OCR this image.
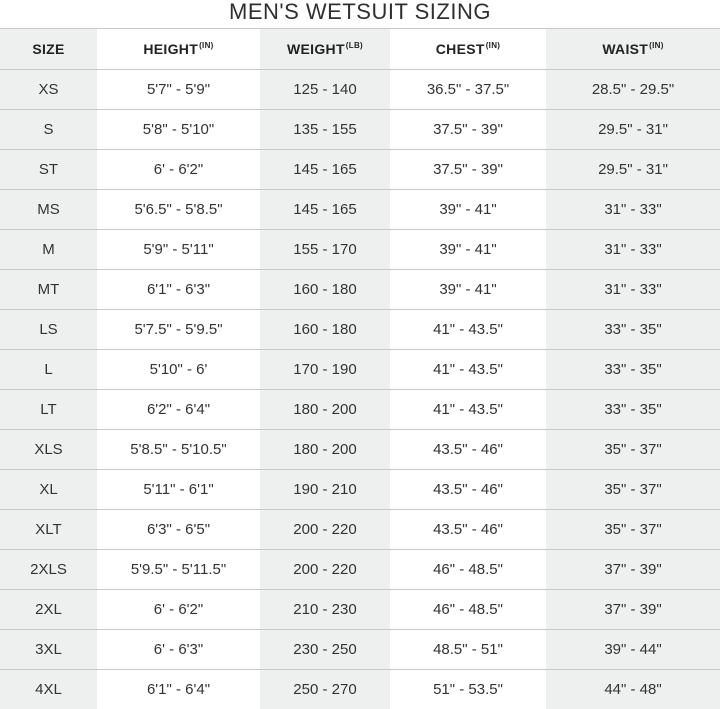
MEN'S WETSUIT SIZING
SIZE	$HEIGHT^{(IN)}$	$WEIGHT^{(LB)}$	$CHEST^{(IN)}$	$WAIST^{(IN)}$
XS	5'7" - 5'9"	125 - 140	36.5" - 37.5"	28.5" - 29.5"
S	5'8" - 5'10"	135 - 155	37.5" - 39"	29.5" - 31"
ST	6' - 6'2"	145 - 165	37.5" - 39"	29.5" - 31"
MS	5'6.5" - 5'8.5"	145 - 165	39" - 41"	31" - 33"
M	5'9" - 5'11"	155 - 170	39" - 41"	31" - 33"
MT	6'1" - 6'3"	160 - 180	39" - 41"	31" - 33"
LS	5'7.5" - 5'9.5"	160 - 180	41" - 43.5"	33" - 35"
L	5'10" - 6'	170 - 190	41" - 43.5"	33" - 35"
LT	6'2" - 6'4"	180 - 200	41" - 43.5"	33" - 35"
XLS	5'8.5" - 5'10.5"	180 - 200	43.5" - 46"	35" - 37"
XL	5'11" - 6'1"	190 - 210	43.5" - 46"	35" - 37"
XLT	6'3" - 6'5"	200 - 220	43.5" - 46"	35" - 37"
2XLS	5'9.5" - 5'11.5"	200 - 220	46" - 48.5"	37" - 39"
2XL	6' - 6'2"	210 - 230	46" - 48.5"	37" - 39"
3XL	6' - 6'3"	230 - 250	48.5" - 51"	39" - 44"
4XL	6'1" - 6'4"	250 - 270	51" - 53.5"	44" - 48"
